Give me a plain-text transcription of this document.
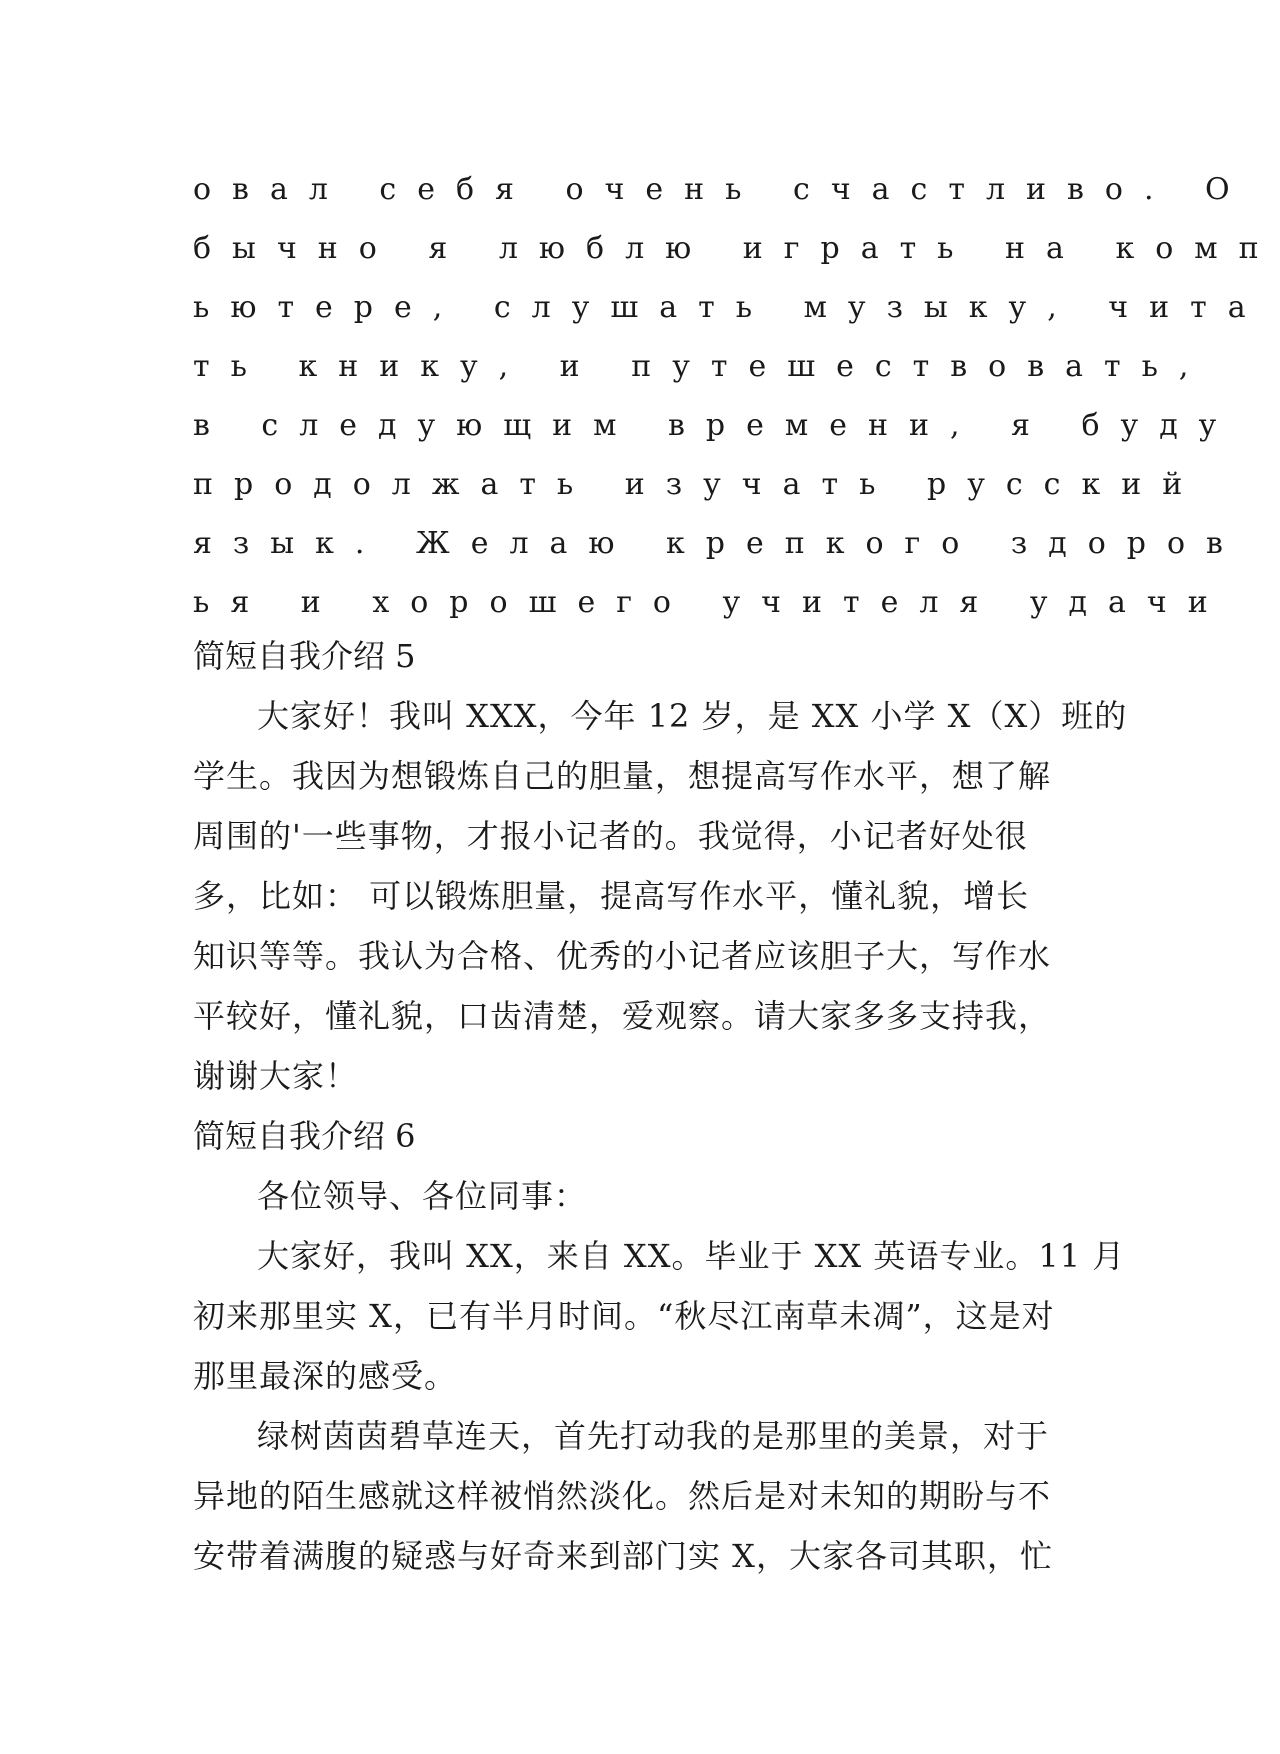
овал себя очень счастливо. О
бычно я люблю играть на комп
ьютере, слушать музыку, чита
ть книку, и путешествовать,
в следующим времени, я буду
продолжать изучать русский
язык. Желаю крепкого здоров
ья и хорошего учителя удачи
简短自我介绍 5
大家好！我叫 XXX，今年 12 岁，是 XX 小学 X（X）班的
学生。我因为想锻炼自己的胆量，想提高写作水平，想了解
周围的'一些事物，才报小记者的。我觉得，小记者好处很
多，比如： 可以锻炼胆量，提高写作水平，懂礼貌，增长
知识等等。我认为合格、优秀的小记者应该胆子大，写作水
平较好，懂礼貌，口齿清楚，爱观察。请大家多多支持我，
谢谢大家！
简短自我介绍 6
各位领导、各位同事：
大家好，我叫 XX，来自 XX。毕业于 XX 英语专业。11 月
初来那里实 X，已有半月时间。“秋尽江南草未凋”，这是对
那里最深的感受。
绿树茵茵碧草连天，首先打动我的是那里的美景，对于
异地的陌生感就这样被悄然淡化。然后是对未知的期盼与不
安带着满腹的疑惑与好奇来到部门实 X，大家各司其职，忙
